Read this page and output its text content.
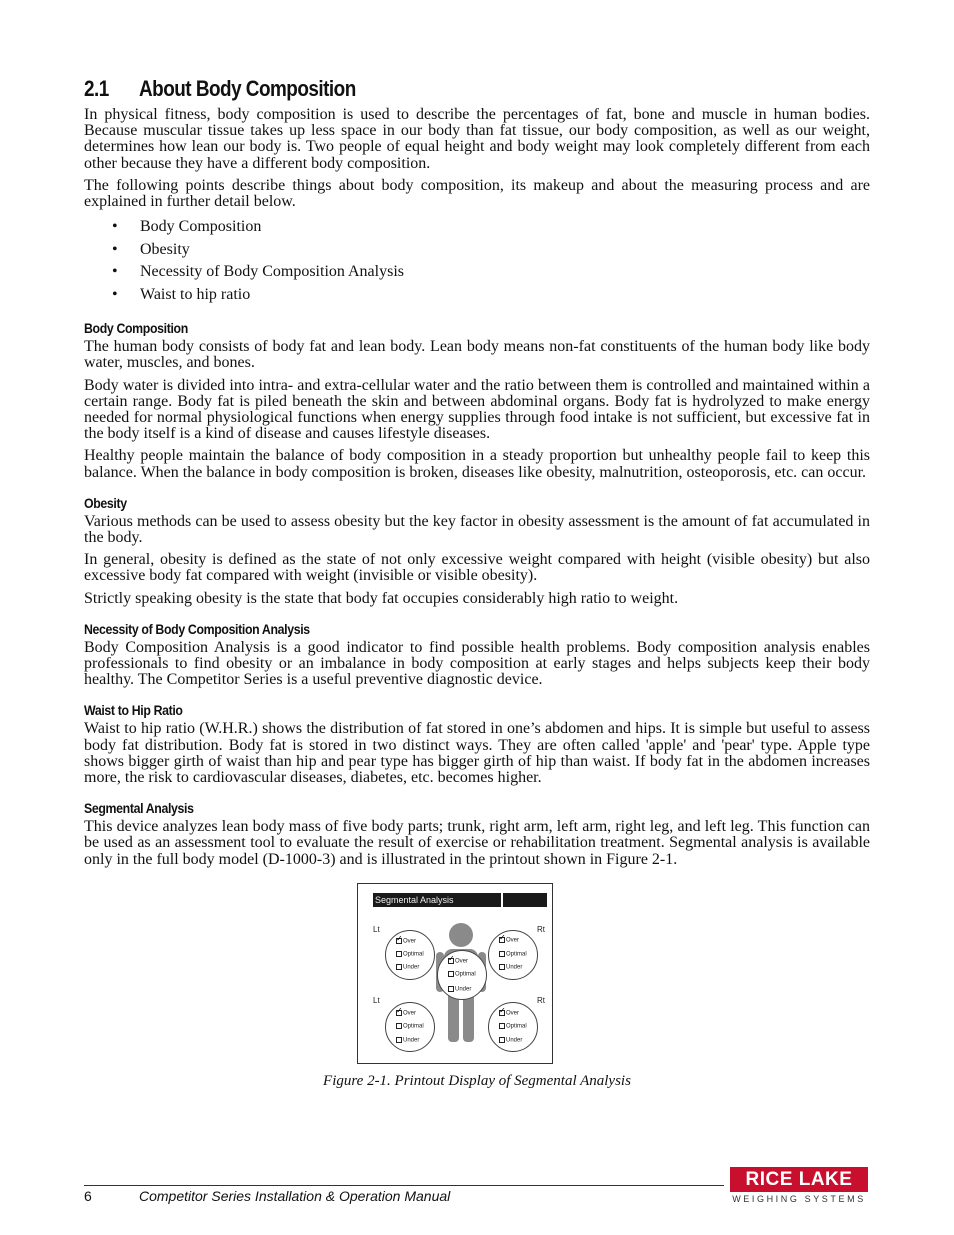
2.1 About Body Composition

In physical fitness, body composition is used to describe the percentages of fat, bone and muscle in human bodies. Because muscular tissue takes up less space in our body than fat tissue, our body composition, as well as our weight, determines how lean our body is. Two people of equal height and body weight may look completely different from each other because they have a different body composition.

The following points describe things about body composition, its makeup and about the measuring process and are explained in further detail below.

• Body Composition
• Obesity
• Necessity of Body Composition Analysis
• Waist to hip ratio
Body Composition

The human body consists of body fat and lean body. Lean body means non-fat constituents of the human body like body water, muscles, and bones.

Body water is divided into intra- and extra-cellular water and the ratio between them is controlled and maintained within a certain range. Body fat is piled beneath the skin and between abdominal organs. Body fat is hydrolyzed to make energy needed for normal physiological functions when energy supplies through food intake is not sufficient, but excessive fat in the body itself is a kind of disease and causes lifestyle diseases.

Healthy people maintain the balance of body composition in a steady proportion but unhealthy people fail to keep this balance. When the balance in body composition is broken, diseases like obesity, malnutrition, osteoporosis, etc. can occur.

Obesity

Various methods can be used to assess obesity but the key factor in obesity assessment is the amount of fat accumulated in the body.

In general, obesity is defined as the state of not only excessive weight compared with height (visible obesity) but also excessive body fat compared with weight (invisible or visible obesity).

Strictly speaking obesity is the state that body fat occupies considerably high ratio to weight.

Necessity of Body Composition Analysis

Body Composition Analysis is a good indicator to find possible health problems. Body composition analysis enables professionals to find obesity or an imbalance in body composition at early stages and helps subjects keep their body healthy. The Competitor Series is a useful preventive diagnostic device.

Waist to Hip Ratio

Waist to hip ratio (W.H.R.) shows the distribution of fat stored in one’s abdomen and hips. It is simple but useful to assess body fat distribution. Body fat is stored in two distinct ways. They are often called 'apple' and 'pear' type. Apple type shows bigger girth of waist than hip and pear type has bigger girth of hip than waist. If body fat in the abdomen increases more, the risk to cardiovascular diseases, diabetes, etc. becomes higher.

Segmental Analysis

This device analyzes lean body mass of five body parts; trunk, right arm, left arm, right leg, and left leg. This function can be used as an assessment tool to evaluate the result of exercise or rehabilitation treatment. Segmental analysis is available only in the full body model (D-1000-3) and is illustrated in the printout shown in Figure 2-1.

Segmental Analysis
Lt	Rt
Lt	Rt
✓Over
Optimal
Under
✓Over
Optimal
Under
✓Over
Optimal
Under
✓Over
Optimal
Under
✓Over
Optimal
Under
Figure 2-1. Printout Display of Segmental Analysis
6	Competitor Series Installation & Operation Manual
RICE LAKE
WEIGHING SYSTEMS
